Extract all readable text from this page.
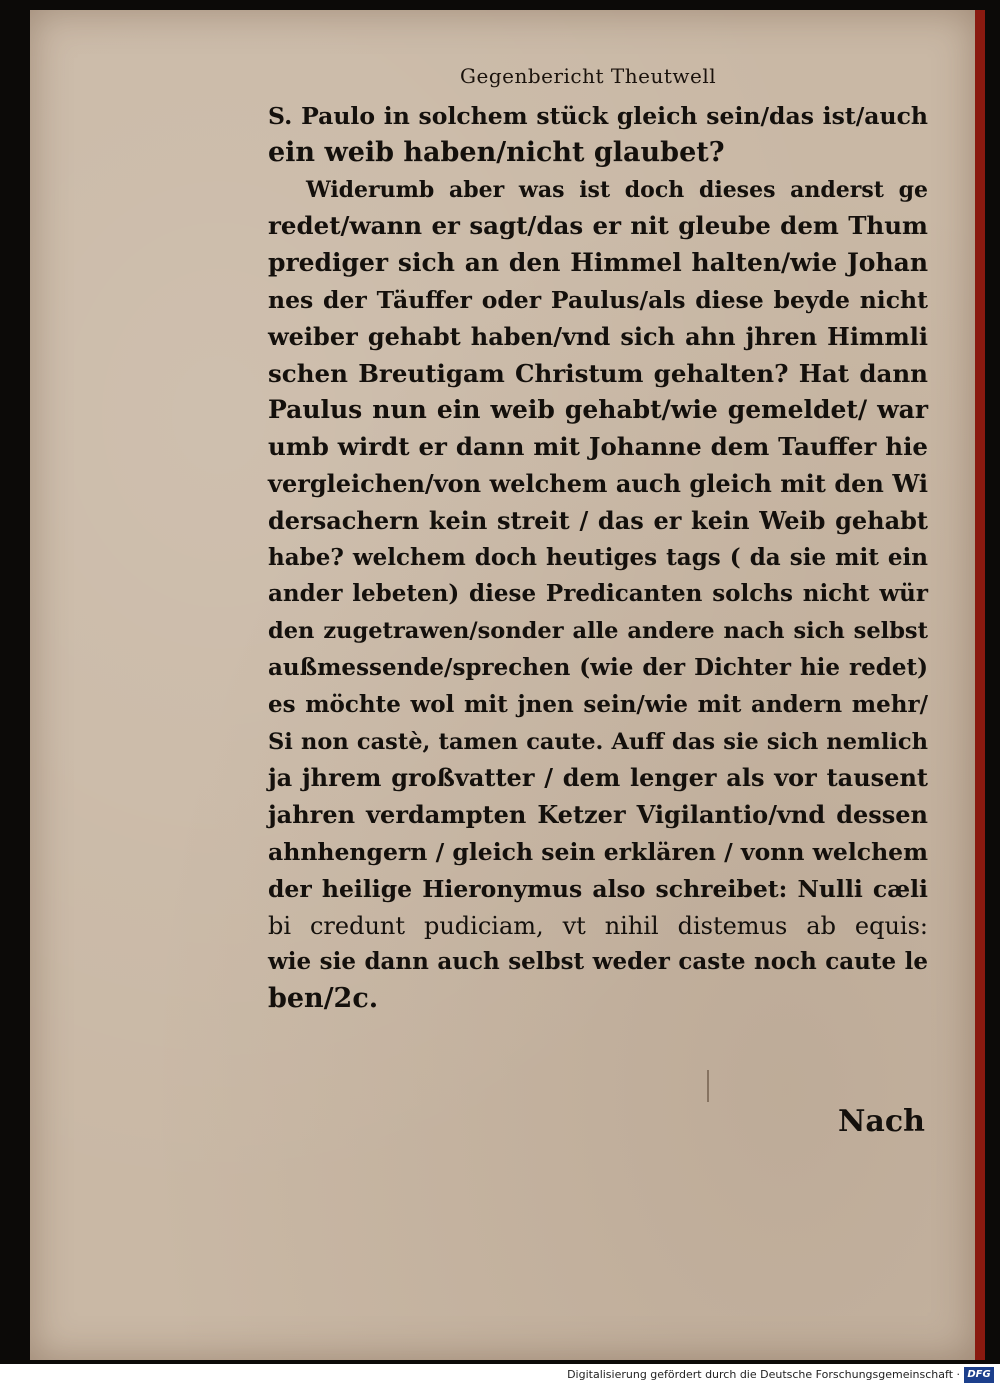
Gegenbericht Theutwell
S. Paulo in solchem stück gleich sein/das ist/auch
ein weib haben/nicht glaubet?
Widerumb aber was ist doch dieses anderst ge
redet/wann er sagt/das er nit gleube dem Thum
prediger sich an den Himmel halten/wie Johan
nes der Täuffer oder Paulus/als diese beyde nicht
weiber gehabt haben/vnd sich ahn jhren Himmli
schen Breutigam Christum gehalten? Hat dann
Paulus nun ein weib gehabt/wie gemeldet/ war
umb wirdt er dann mit Johanne dem Tauffer hie
vergleichen/von welchem auch gleich mit den Wi
dersachern kein streit / das er kein Weib gehabt
habe? welchem doch heutiges tags ( da sie mit ein
ander lebeten) diese Predicanten solchs nicht wür
den zugetrawen/sonder alle andere nach sich selbst
außmessende/sprechen (wie der Dichter hie redet)
es möchte wol mit jnen sein/wie mit andern mehr/
Si non castè, tamen caute. Auff das sie sich nemlich
ja jhrem großvatter / dem lenger als vor tausent
jahren verdampten Ketzer Vigilantio/vnd dessen
ahnhengern / gleich sein erklären / vonn welchem
der heilige Hieronymus also schreibet: Nulli cæli
bi credunt pudiciam, vt nihil distemus ab equis:
wie sie dann auch selbst weder caste noch caute le
ben/2c.
Nach
Digitalisierung gefördert durch die Deutsche Forschungsgemeinschaft · DFG
